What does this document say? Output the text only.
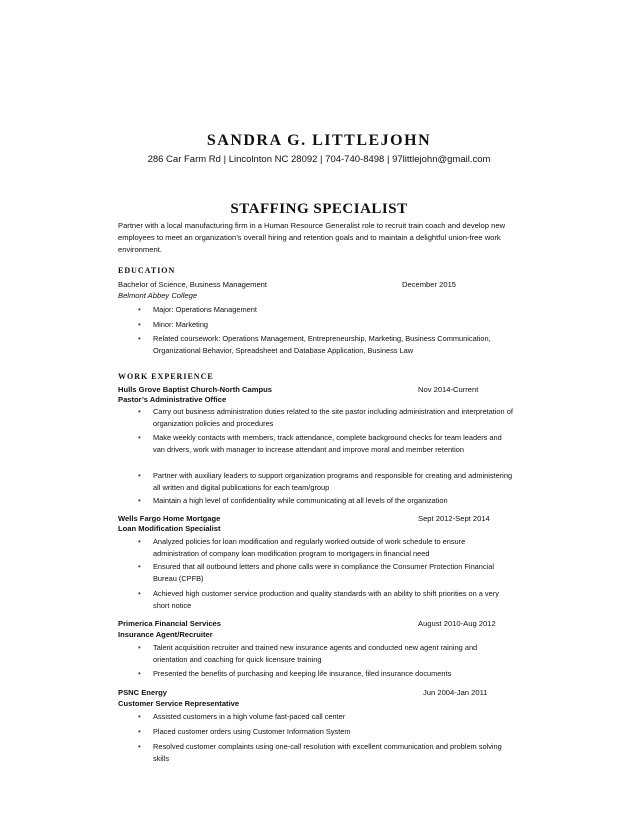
SANDRA G. LITTLEJOHN
286 Car Farm Rd | Lincolnton NC 28092 | 704-740-8498 | 97littlejohn@gmail.com
STAFFING SPECIALIST
Partner with a local manufacturing firm in a Human Resource Generalist role to recruit train coach and develop new employees to meet an organization’s overall hiring and retention goals and to maintain a delightful union-free work environment.
EDUCATION
Bachelor of Science, Business Management	December 2015
Belmont Abbey College
• Major: Operations Management
• Minor: Marketing
• Related coursework: Operations Management, Entrepreneurship, Marketing, Business Communication, Organizational Behavior, Spreadsheet and Database Application, Business Law
WORK EXPERIENCE
Hulls Grove Baptist Church-North Campus	Nov 2014-Current
Pastor’s Administrative Office
• Carry out business administration duties related to the site pastor including administration and interpretation of organization policies and procedures
• Make weekly contacts with members, track attendance, complete background checks for team leaders and van drivers, work with manager to increase attendant and improve moral and member retention
• Partner with auxiliary leaders to support organization programs and responsible for creating and administering all written and digital publications for each team/group
• Maintain a high level of confidentiality while communicating at all levels of the organization
Wells Fargo Home Mortgage	Sept 2012-Sept 2014
Loan Modification Specialist
• Analyzed policies for loan modification and regularly worked outside of work schedule to ensure administration of company loan modification program to mortgagers in financial need
• Ensured that all outbound letters and phone calls were in compliance the Consumer Protection Financial Bureau (CPFB)
• Achieved high customer service production and quality standards with an ability to shift priorities on a very short notice
Primerica Financial Services	August 2010-Aug 2012
Insurance Agent/Recruiter
• Talent acquisition recruiter and trained new insurance agents and conducted new agent raining and orientation and coaching for quick licensure training
• Presented the benefits of purchasing and keeping life insurance, filed insurance documents
PSNC Energy	Jun 2004-Jan 2011
Customer Service Representative
• Assisted customers in a high volume fast-paced call center
• Placed customer orders using Customer Information System
• Resolved customer complaints using one-call resolution with excellent communication and problem solving skills
